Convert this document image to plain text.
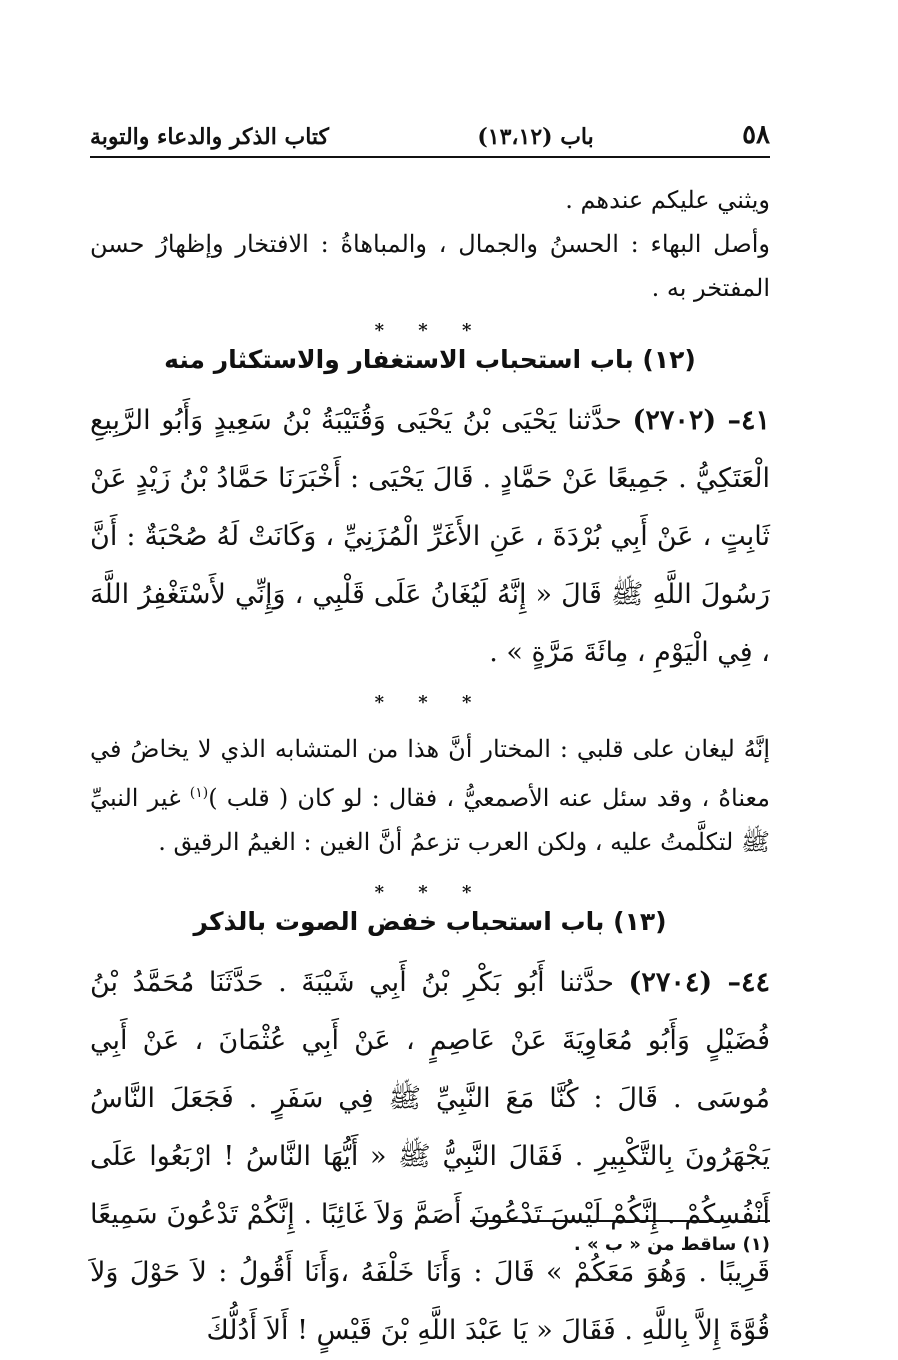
٥٨
باب (١٣،١٢)
كتاب الذكر والدعاء والتوبة

ويثني عليكم عندهم .

وأصل البهاء : الحسنُ والجمال ، والمباهاةُ : الافتخار وإظهارُ حسن المفتخر به .

* * *
(١٢) باب استحباب الاستغفار والاستكثار منه

٤١– (٢٧٠٢) حدَّثنا يَحْيَى بْنُ يَحْيَى وَقُتَيْبَةُ بْنُ سَعِيدٍ وَأَبُو الرَّبِيعِ الْعَتَكِيُّ . جَمِيعًا عَنْ حَمَّادٍ . قَالَ يَحْيَى : أَخْبَرَنَا حَمَّادُ بْنُ زَيْدٍ عَنْ ثَابِتٍ ، عَنْ أَبِي بُرْدَةَ ، عَنِ الأَغَرِّ الْمُزَنِيِّ ، وَكَانَتْ لَهُ صُحْبَةٌ : أَنَّ رَسُولَ اللَّهِ ﷺ قَالَ « إِنَّهُ لَيُغَانُ عَلَى قَلْبِي ، وَإِنِّي لأَسْتَغْفِرُ اللَّهَ ، فِي الْيَوْمِ ، مِائَةَ مَرَّةٍ » .

* * *

إنَّهُ ليغان على قلبي : المختار أنَّ هذا من المتشابه الذي لا يخاضُ في معناهُ ، وقد سئل عنه الأصمعيُّ ، فقال : لو كان ( قلب )$^{(١)}$ غير النبيِّ ﷺ لتكلَّمتُ عليه ، ولكن العرب تزعمُ أنَّ الغين : الغيمُ الرقيق .

* * *
(١٣) باب استحباب خفض الصوت بالذكر

٤٤– (٢٧٠٤) حدَّثنا أَبُو بَكْرِ بْنُ أَبِي شَيْبَةَ . حَدَّثَنَا مُحَمَّدُ بْنُ فُضَيْلٍ وَأَبُو مُعَاوِيَةَ عَنْ عَاصِمٍ ، عَنْ أَبِي عُثْمَانَ ، عَنْ أَبِي مُوسَى . قَالَ : كُنَّا مَعَ النَّبِيِّ ﷺ فِي سَفَرٍ . فَجَعَلَ النَّاسُ يَجْهَرُونَ بِالتَّكْبِيرِ . فَقَالَ النَّبِيُّ ﷺ « أَيُّهَا النَّاسُ ! ارْبَعُوا عَلَى أَنْفُسِكُمْ . إِنَّكُمْ لَيْسَ تَدْعُونَ أَصَمَّ وَلاَ غَائِبًا . إِنَّكُمْ تَدْعُونَ سَمِيعًا قَرِيبًا . وَهُوَ مَعَكُمْ » قَالَ : وَأَنَا خَلْفَهُ ،وَأَنَا أَقُولُ : لاَ حَوْلَ وَلاَ قُوَّةَ إِلاَّ بِاللَّهِ . فَقَالَ « يَا عَبْدَ اللَّهِ بْنَ قَيْسٍ ! أَلاَ أَدُلُّكَ

(١) ساقط من « ب » .
